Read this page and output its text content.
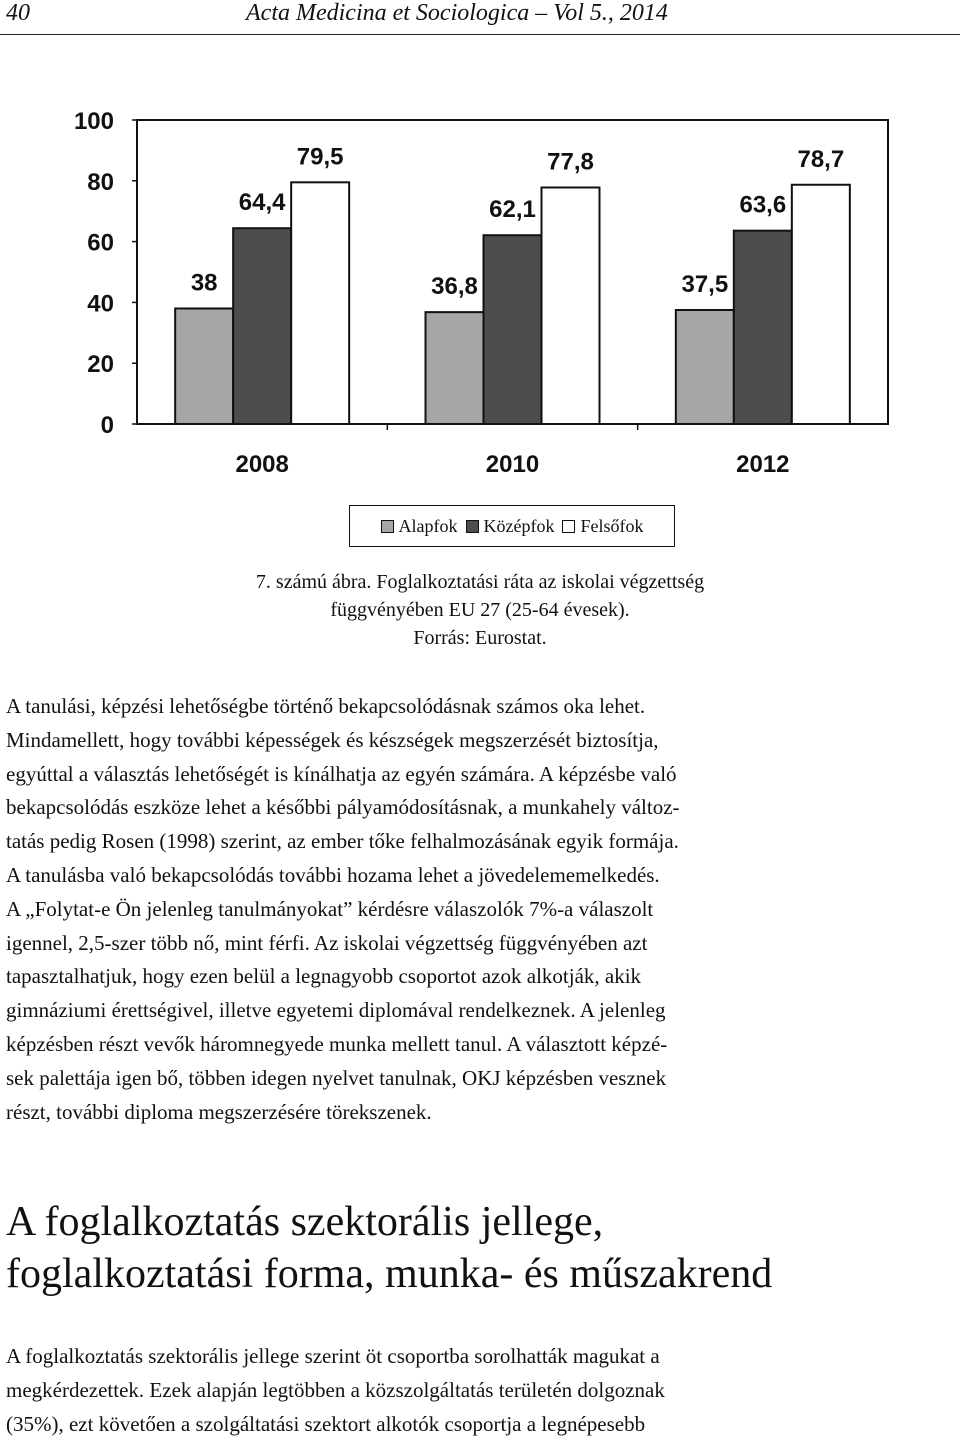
40	Acta Medicina et Sociologica – Vol 5., 2014
0
20
40
60
80
100
38
64,4
79,5
2008
36,8
62,1
77,8
2010
37,5
63,6
78,7
2012
Alapfok Középfok Felsőfok
7. számú ábra. Foglalkoztatási ráta az iskolai végzettség
függvényében EU 27 (25-64 évesek).
Forrás: Eurostat.
A tanulási, képzési lehetőségbe történő bekapcsolódásnak számos oka lehet.
Mindamellett, hogy további képességek és készségek megszerzését biztosítja,
egyúttal a választás lehetőségét is kínálhatja az egyén számára. A képzésbe való
bekapcsolódás eszköze lehet a későbbi pályamódosításnak, a munkahely változ-
tatás pedig Rosen (1998) szerint, az ember tőke felhalmozásának egyik formája.
A tanulásba való bekapcsolódás további hozama lehet a jövedelememelkedés.
A „Folytat-e Ön jelenleg tanulmányokat” kérdésre válaszolók 7%-a válaszolt
igennel, 2,5-szer több nő, mint férfi. Az iskolai végzettség függvényében azt
tapasztalhatjuk, hogy ezen belül a legnagyobb csoportot azok alkotják, akik
gimnáziumi érettségivel, illetve egyetemi diplomával rendelkeznek. A jelenleg
képzésben részt vevők háromnegyede munka mellett tanul. A választott képzé-
sek palettája igen bő, többen idegen nyelvet tanulnak, OKJ képzésben vesznek
részt, további diploma megszerzésére törekszenek.
A foglalkoztatás szektorális jellege,
foglalkoztatási forma, munka- és műszakrend
A foglalkoztatás szektorális jellege szerint öt csoportba sorolhatták magukat a
megkérdezettek. Ezek alapján legtöbben a közszolgáltatás területén dolgoznak
(35%), ezt követően a szolgáltatási szektort alkotók csoportja a legnépesebb
